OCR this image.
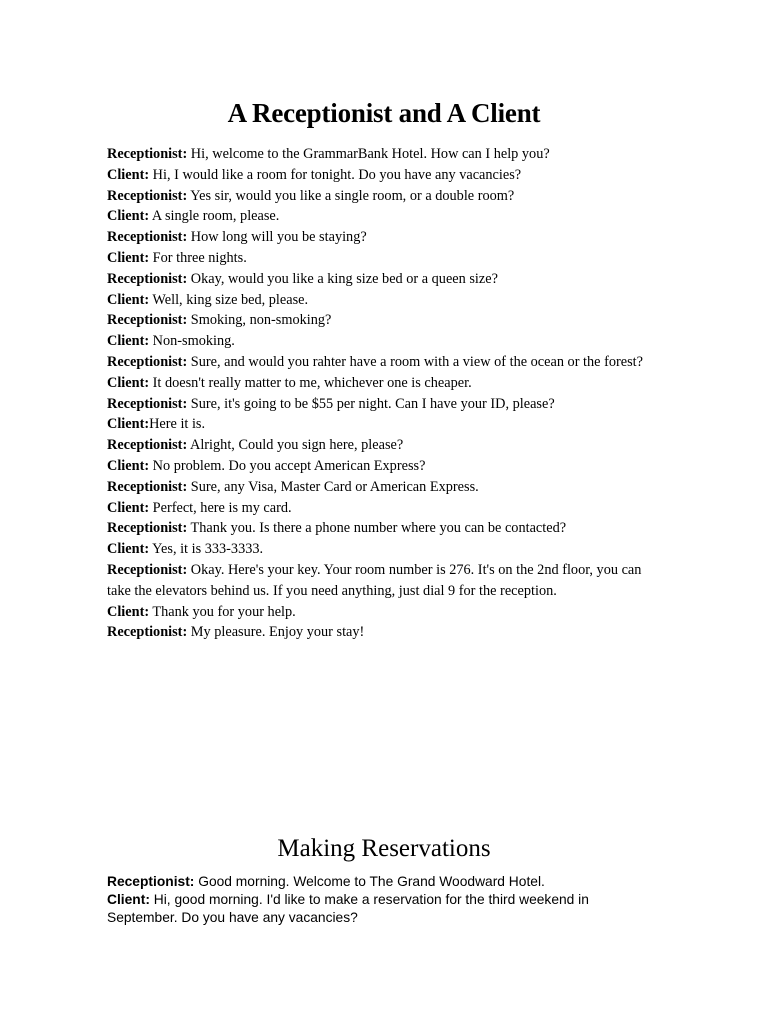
A Receptionist and A Client
Receptionist: Hi, welcome to the GrammarBank Hotel. How can I help you?
Client: Hi, I would like a room for tonight. Do you have any vacancies?
Receptionist: Yes sir, would you like a single room, or a double room?
Client: A single room, please.
Receptionist: How long will you be staying?
Client: For three nights.
Receptionist: Okay, would you like a king size bed or a queen size?
Client: Well, king size bed, please.
Receptionist: Smoking, non-smoking?
Client: Non-smoking.
Receptionist: Sure, and would you rahter have a room with a view of the ocean or the forest? Client: It doesn't really matter to me, whichever one is cheaper.
Receptionist: Sure, it's going to be $55 per night. Can I have your ID, please?
Client:Here it is.
Receptionist: Alright, Could you sign here, please?
Client: No problem. Do you accept American Express?
Receptionist: Sure, any Visa, Master Card or American Express.
Client: Perfect, here is my card.
Receptionist: Thank you. Is there a phone number where you can be contacted?
Client: Yes, it is 333-3333.
Receptionist: Okay. Here's your key. Your room number is 276. It's on the 2nd floor, you can take the elevators behind us. If you need anything, just dial 9 for the reception.
Client: Thank you for your help.
Receptionist: My pleasure. Enjoy your stay!
Making Reservations
Receptionist: Good morning. Welcome to The Grand Woodward Hotel.
Client: Hi, good morning. I'd like to make a reservation for the third weekend in September. Do you have any vacancies?
